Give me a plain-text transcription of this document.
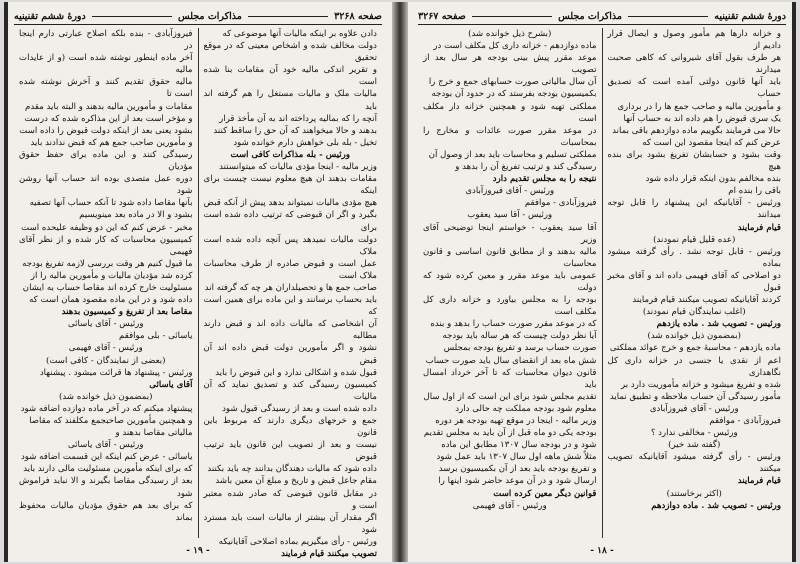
صفحه ۳۲۶۸
مذاکرات مجلس
دورهٔ ششم تقنینیه

دادن علاوه بر اینکه مالیات آنها موضوعی که

دولت مخالف شده و اشخاص معینی که در موقع تحقیق

و تقریر اندکی مالیه خود آن مقامات بنا شده است

مالیات ملک و مالیات مستغل را هم گرفته اند باید

آنچه را که بمالیه پرداخته اند به آن مأخذ قرار

بدهند و حالا میخواهند که آن حق را ساقط کنند

تخیل - بله بلی خواهش دارم خوانده شود

ورئیس - بله مذاکرات کافی است

وزیر مالیه - اینجا مؤدی مالیات که میتوانستند

مقامات بدهند ان هیچ معلوم نیست چیست برای اینکه

هیچ مؤدی مالیات نمیتواند بدهد پیش از آنکه قبض

بگیرد و اگر ان قبوضی که ترتیب داده شده است برای

دولت مالیات نمیدهد پس آنچه داده شده است ملاک

عمل است و قبوض صادره از طرف محاسبات ملاک است

صاحب جمع ها و تحصیلداران هر چه که گرفته اند

باید بحساب برسانند و این ماده برای همین است که

آن اشخاصی که مالیات داده اند و قبض دارند مطالبه

نشود و اگر مأمورین دولت قبض داده اند آن قبض

قبول شده و اشکالی ندارد و این قبوض را باید

کمیسیون رسیدگی کند و تصدیق نماید که آن مالیات

داده شده است و بعد از رسیدگی قبول شود

جمع و خرجهای دیگری دارند که مربوط باین قانون

نیست و بعد از تصویب این قانون باید ترتیب قبوض

داده شود که مالیات دهندگان بدانند چه باید بکنند

مقام جاعل قبض و تاریخ و مبلغ آن معین باشد

در مقابل قانون قبوضی که صادر شده معتبر است و

اگر مقدار آن بیشتر از مالیات است باید مسترد شود

ورئیس - رأی میگیریم بماده اصلاحی آقایانیکه

تصویب میکنند قیام فرمایند

فیروزآبادی - بنده بلکه اصلاح عبارتی دارم اینجا در

آخر ماده اینطور نوشته شده است (و از عایدات مالیه

مالیه حقوق تقدیم کنند و آخرش نوشته شده است تا

مقامات و مأمورین مالیه بدهند و البته باید مقدم

و مؤخر است بعد از این مذاکره شده که درست

بشود یعنی بعد از اینکه دولت قبوض را داده است

و مأمورین صاحب جمع هم که قبض ندادند باید

رسیدگی کنند و این ماده برای حفظ حقوق مؤدیان

دوره عمل متصدی بوده اند حساب آنها روشن شود

بآنها مقاصا داده شود تا آنکه حساب آنها تصفیه

بشود و الا در ماده بعد مینویسیم

مخبر - عرض کنم که این دو وظیفه علیحده است

کمیسیون محاسبات که کار شده و از نظر آقای فهیمی

ما قبول کنیم هر وقت بررسی لازمه تفریغ بودجه

کرده شد مؤدیان مالیات و مأمورین مالیه را از

مسئولیت خارج کرده اند مقاصا حساب به ایشان

داده شود و در این ماده مقصود همان است که

مقاصا بعد از تفریغ و کمیسیون بدهند

ورئیس - آقای یاسائی

یاسائی - بلی موافقم

ورئیس - آقای فهیمی

(بعضی از نمایندگان - کافی است)

ورئیس - پیشنهاد ها قرائت میشود . پیشنهاد

آقای یاسائی

(بمضمون ذیل خوانده شد)

پیشنهاد میکنم که در آخر ماده دوازده اضافه شود

و همچنین مأمورین صاحبجمع مکلفند که مقاصا

مالیاتی مقاصا بدهند و

ورئیس - آقای یاسائی

یاسائی - عرض کنم اینکه این قسمت اضافه شود

که برای اینکه مأمورین مسئولیت مالی دارند باید

بعد از رسیدگی مقاصا بگیرند و الا نباید فراموش شود

که برای بعد هم حقوق مؤدیان مالیات محفوظ بماند

- ۱۹ -
دورهٔ ششم تقنینیه
مذاکرات مجلس
صفحه ۳۲۶۷

و خزانه دارها هم مأمور وصول و ایصال قرار دادیم از

هر طرف بقول آقای شیروانی که کاهی صحبت میدارند

باید آنها قانون دولتی آمده است که تصدیق حساب

و مأمورین مالیه و صاحب جمع ها را در برداری

یک سری قبوض را هم داده اند به حساب آنها

حالا می فرمایند بگوییم ماده دوازدهم باقی بماند

عرض کنم که اینجا مقصود این است که

وقت بشود و حسابشان تفریغ بشود برای بنده هیچ

بنده مخالفم بدون اینکه قرار داده شود

باقی را بنده ام

ورئیس - آقایانیکه این پیشنهاد را قابل توجه میدانند

قیام فرمایند

(عده قلیل قیام نمودند)

ورئیس - قابل توجه نشد . رأی گرفته میشود بماده

دو اصلاحی که آقای فهیمی داده اند و آقای مخبر قبول

کردند آقایانیکه تصویب میکنند قیام فرمایند

(اغلب نمایندگان قیام نمودند)

ورئیس - تصویب شد . ماده یازدهم

(بمضمون ذیل خوانده شد)

ماده یازدهم - محاسبهٔ جمع و خرج عوائد مملکتی

اعم از نقدی یا جنسی در خزانه داری کل نگاهداری

شده و تفریغ میشود و خزانه مأموریت دارد بر

مأمور رسیدگی آن حساب ملاحظه و تطبیق نماید

ورئیس - آقای فیروزآبادی

فیروزآبادی - موافقم

ورئیس - مخالفی ندارد ؟

(گفته شد خیر)

ورئیس - رأی گرفته میشود آقایانیکه تصویب میکنند

قیام فرمایند

(اکثر برخاستند)

ورئیس - تصویب شد . ماده دوازدهم

(بشرح ذیل خوانده شد)

ماده دوازدهم - خزانه داری کل مکلف است در

موعد مقرر پیش بینی بودجه هر سال بعد از تصویب

آن سال مالیاتی صورت حسابهای جمع و خرج را

بکمیسیون بودجه بفرستد که در حدود آن بودجه

مملکتی تهیه شود و همچنین خزانه دار مکلف است

در موعد مقرر صورت عائدات و مخارج را بمحاسبات

مملکتی تسلیم و محاسبات باید بعد از وصول آن

رسیدگی کند و ترتیب تفریغ آن را بدهد و

نتیجه را به مجلس تقدیم دارد

ورئیس - آقای فیروزآبادی

فیروزآبادی - موافقم

ورئیس - آقا سید یعقوب

آقا سید یعقوب - خواستم اینجا توضیحی آقای وزیر

مالیه بدهند و از مطابق قانون اساسی و قانون محاسبات

عمومی باید موعد مقرر و معین کرده شود که دولت

بودجه را به مجلس بیاورد و خزانه داری کل مکلف است

که در موعد مقرر صورت حساب را بدهد و بنده

آیا نظر دولت چیست که هر ساله باید بودجه

صورت حساب برسد و تفریغ بودجه بمجلس

شش ماه بعد از انقضای سال باید صورت حساب

قانون دیوان محاسبات که تا آخر خرداد امسال باید

تقدیم مجلس شود برای این است که از اول سال

معلوم شود بودجه مملکت چه حالی دارد

وزیر مالیه - اینجا در موقع تهیه بودجه هر دوره

بودجه یکی دو ماه قبل از آن باید به مجلس تقدیم

شود و در بودجه سال ۱۳۰۷ مطابق این ماده

مثلاً شش ماهه اول سال ۱۳۰۷ باید عمل شود

و تفریغ بودجه باید بعد از آن بکمیسیون برسد

ارسال شود و در آن موعد حاضر شود اینها را

قوانین دیگر معین کرده است

ورئیس - آقای فهیمی

- ۱۸ -
